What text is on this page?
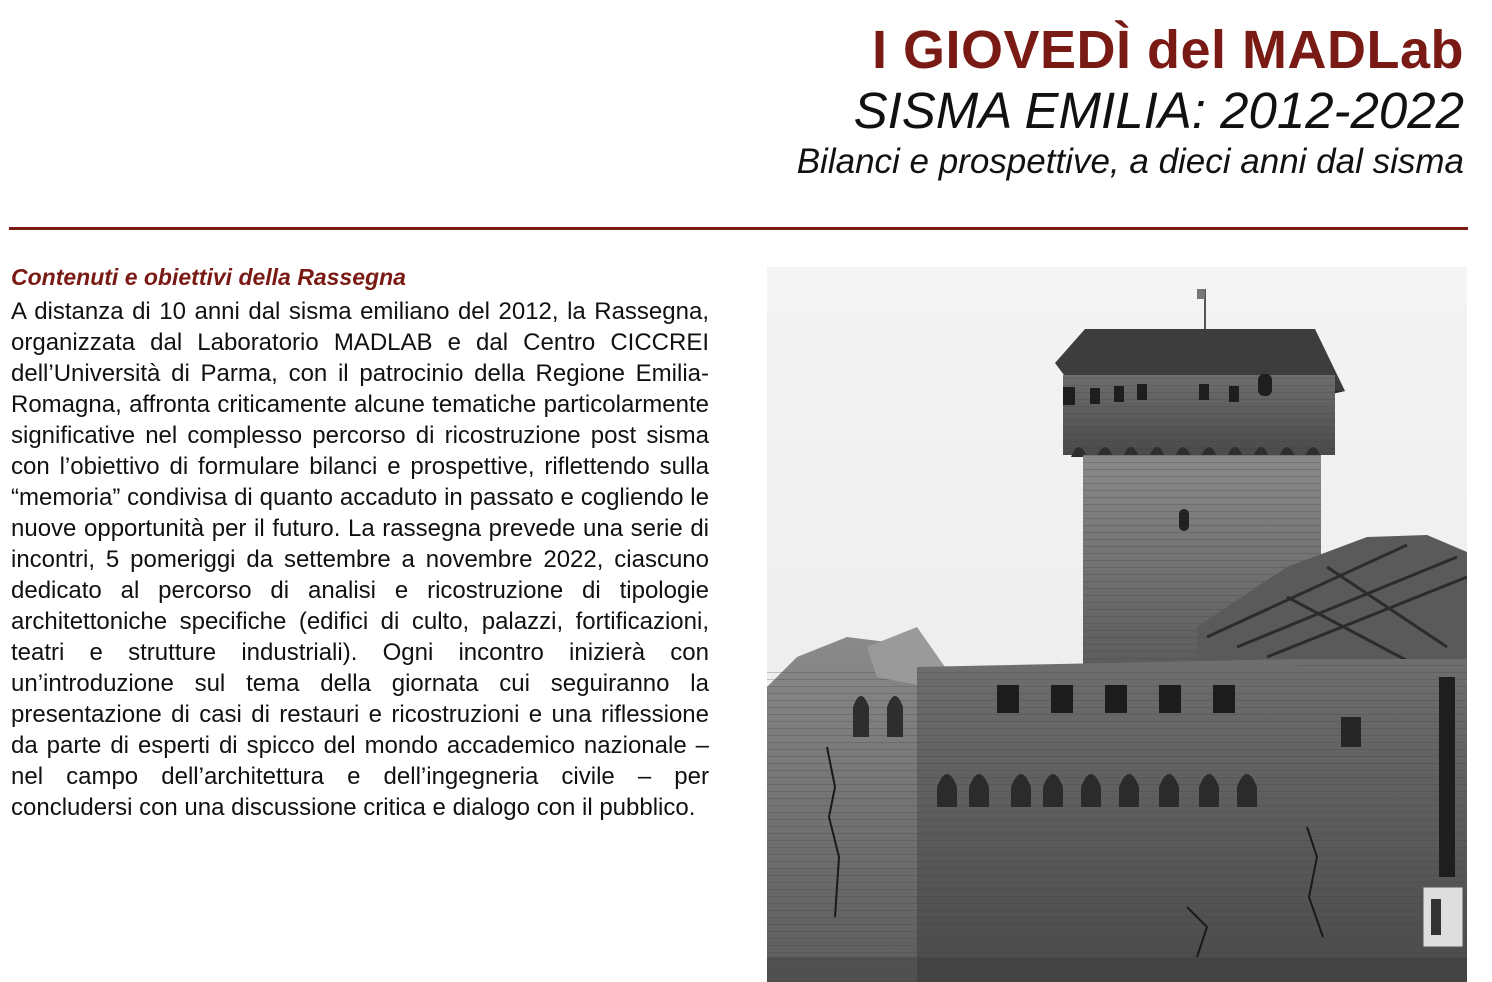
I GIOVEDÌ del MADLab
SISMA EMILIA: 2012-2022
Bilanci e prospettive, a dieci anni dal sisma
Contenuti e obiettivi della Rassegna
A distanza di 10 anni dal sisma emiliano del 2012, la Rassegna, organizzata dal Laboratorio MADLAB e dal Centro CICCREI dell’Università di Parma, con il patrocinio della Regione Emilia-Romagna, affronta criticamente alcune tematiche particolarmente significative nel complesso percorso di ricostruzione post sisma con l’obiettivo di formulare bilanci e prospettive, riflettendo sulla “memoria” condivisa di quanto accaduto in passato e cogliendo le nuove opportunità per il futuro. La rassegna prevede una serie di incontri, 5 pomeriggi da settembre a novembre 2022, ciascuno dedicato al percorso di analisi e ricostruzione di tipologie architettoniche specifiche (edifici di culto, palazzi, fortificazioni, teatri e strutture industriali). Ogni incontro inizierà con un’introduzione sul tema della giornata cui seguiranno la presentazione di casi di restauri e ricostruzioni e una riflessione da parte di esperti di spicco del mondo accademico nazionale – nel campo dell’architettura e dell’ingegneria civile – per concludersi con una discussione critica e dialogo con il pubblico.
